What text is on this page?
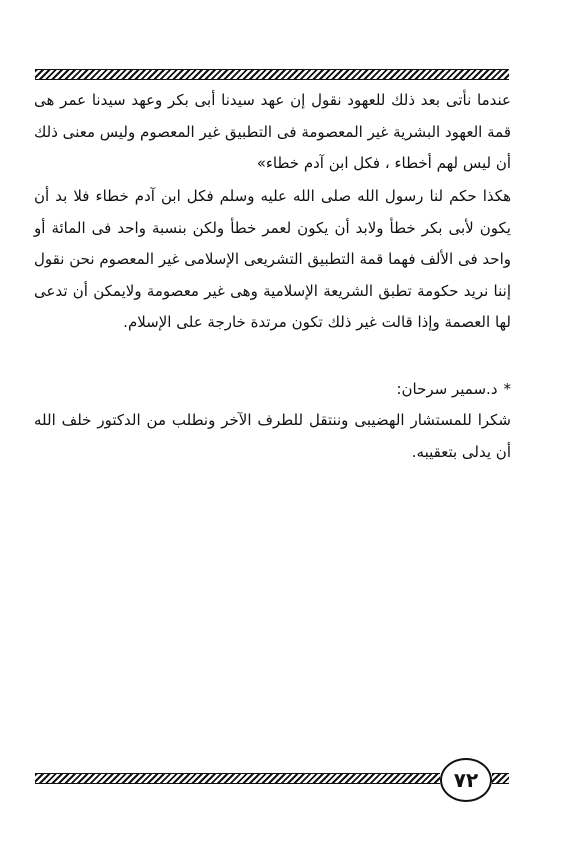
عندما نأتى بعد ذلك للعهود نقول إن عهد سيدنا أبى بكر وعهد سيدنا عمر هى قمة العهود البشرية غير المعصومة فى التطبيق غير المعصوم وليس معنى ذلك أن ليس لهم أخطاء ، فكل ابن آدم خطاء»
هكذا حكم لنا رسول الله صلى الله عليه وسلم فكل ابن آدم خطاء فلا بد أن يكون لأبى بكر خطأ ولابد أن يكون لعمر خطأ ولكن بنسبة واحد فى المائة أو واحد فى الألف فهما قمة التطبيق التشريعى الإسلامى غير المعصوم نحن نقول إننا نريد حكومة تطبق الشريعة الإسلامية وهى غير معصومة ولايمكن أن تدعى لها العصمة وإذا قالت غير ذلك تكون مرتدة خارجة على الإسلام.
*د.سمير سرحان:
شكرا للمستشار الهضيبى وننتقل للطرف الآخر ونطلب من الدكتور خلف الله أن يدلى بتعقيبه.
٧٢
